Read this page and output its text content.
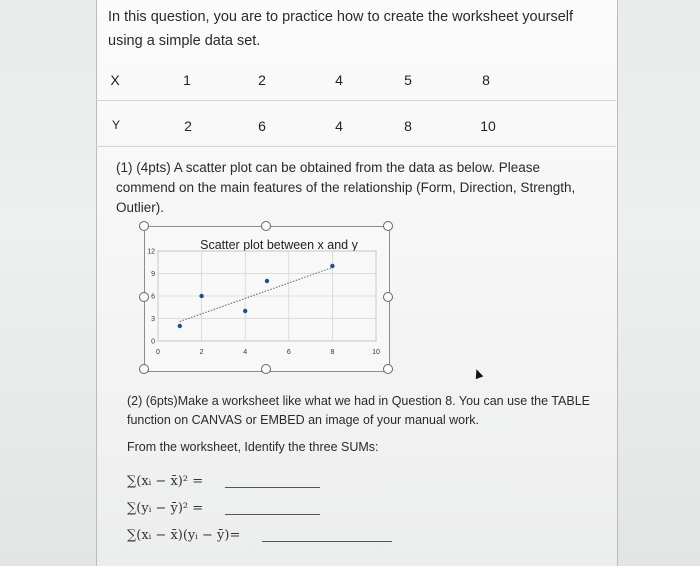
In this question, you are to practice how to create the worksheet yourself using a simple data set.
X	1	2	4	5	8
Y	2	6	4	8	10
(1) (4pts) A scatter plot can be obtained from the data as below. Please commend on the main features of the relationship (Form, Direction, Strength, Outlier).
Scatter plot between x and y
0	2	4	6	8	10
0
3
6
9
12
(2) (6pts)Make a worksheet like what we had in Question 8. You can use the TABLE function on CANVAS or EMBED an image of your manual work.
From the worksheet, Identify the three SUMs:
∑(xᵢ − x̄)² =
∑(yᵢ − ȳ)² =
∑(xᵢ − x̄)(yᵢ − ȳ)=
